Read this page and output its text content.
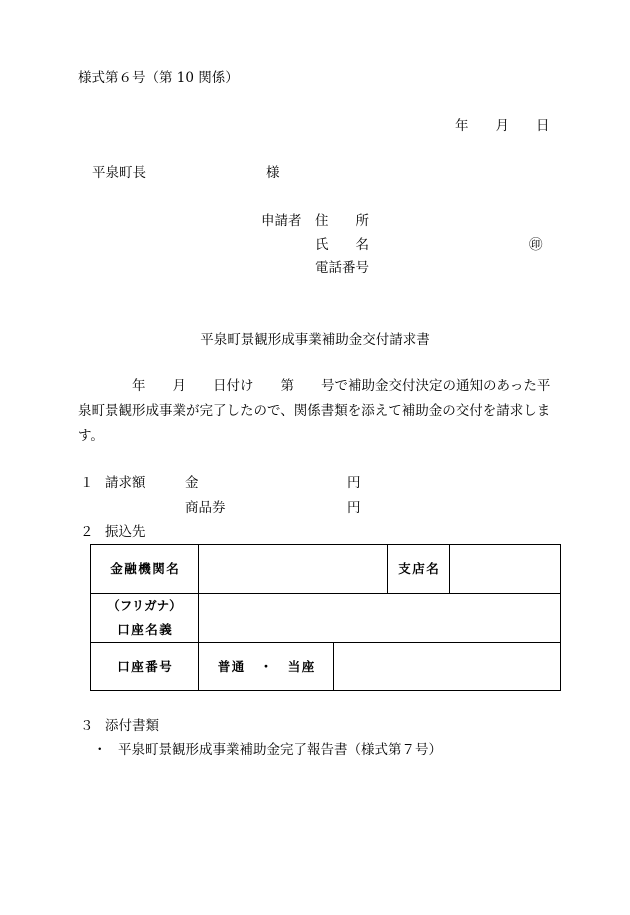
様式第６号（第 10 関係）
年　　月　　日
平泉町長	様
申請者 住　　所
氏　　名	㊞
電話番号
平泉町景観形成事業補助金交付請求書
　　　　年　　月　　日付け　　第　　号で補助金交付決定の通知のあった平
泉町景観形成事業が完了したので、関係書類を添えて補助金の交付を請求しま
す。
１ 請求額	金	円
商品券	円
２ 振込先
金融機関名	支店名
（フリガナ）
口座名義
口座番号	普通　・　当座
３ 添付書類
・ 平泉町景観形成事業補助金完了報告書（様式第７号）
